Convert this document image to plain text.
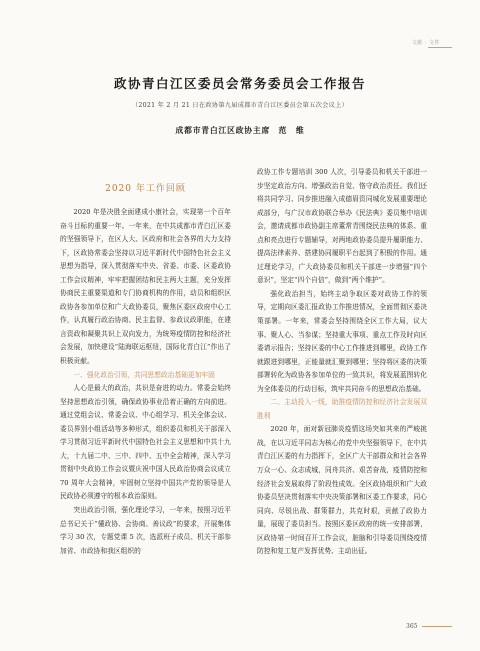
文献 · 文件
政协青白江区委员会常务委员会工作报告
（2021 年 2 月 21 日在政协第九届成都市青白江区委员会第五次会议上）
成都市青白江区政协主席　范　维
2020 年工作回顾

2020 年是决胜全面建成小康社会，实现第一个百年奋斗目标的重要一年。一年来，在中共成都市青白江区委的坚强领导下，在区人大、区政府和社会各界的大力支持下，区政协常委会坚持以习近平新时代中国特色社会主义思想为指导，深入贯彻落实中央、省委、市委、区委政协工作会议精神，牢牢把握团结和民主两大主题，充分发挥协商民主重要渠道和专门协商机构的作用，动员和组织区政协各参加单位和广大政协委员，聚焦区委区政府中心工作，认真履行政治协商、民主监督、参政议政职能，在建言资政和凝聚共识上双向发力，为统筹疫情防控和经济社会发展，加快建设“陆海联运枢纽，国际化青白江”作出了积极贡献。

一、强化政治引领，共同思想政治基础更加牢固

人心是最大的政治，共识是奋进的动力。常委会始终坚持思想政治引领，确保政协事业沿着正确的方向前进。通过党组会议、常委会议、中心组学习、机关全体会议、委员界别小组活动等多种形式，组织委员和机关干部深入学习贯彻习近平新时代中国特色社会主义思想和中共十九大，十九届二中、三中、四中、五中全会精神，深入学习贯彻中央政协工作会议暨庆祝中国人民政治协商会议成立 70 周年大会精神，牢固树立坚持中国共产党的领导是人民政协必须遵守的根本政治原则。

突出政治引领，强化理论学习，一年来，按照习近平总书记关于“懂政协、会协商、善议政”的要求，开展集体学习 30 次，专题党课 5 次，选派班子成员、机关干部参加省、市政协和我区组织的

政协工作专题培训 300 人次，引导委员和机关干部进一步坚定政治方向、增强政治自觉、恪守政治责任。我们还将共同学习、同步推进融入成德眉资同城化发展重要理论成部分，与广汉市政协联合举办《民法典》委员集中培训会，邀请成都市政协副主席董常青围绕民法典的体系、重点和亮点进行专题辅导，对两地政协委员提升履职能力、提高法律素养、搭建协同履职平台起到了积极的作用。通过理论学习，广大政协委员和机关干部进一步增强“四个意识”，坚定“四个自信”，做到“两个维护”。

强化政治担当，始终主动争取区委对政协工作的领导，定期向区委汇报政协工作推进情况，全面贯彻区委决策部署。一年来，常委会坚持围绕全区工作大局，议大事、聚人心、当参谋；坚持重大事项、重点工作及时向区委请示报告；坚持区委的中心工作推进到哪里，政协工作就跟进到哪里，正能量就汇聚到哪里；坚持将区委的决策部署转化为政协各参加单位的一致共识，将发展蓝图转化为全体委员的行动目标，筑牢共同奋斗的思想政治基础。

二、主动投入一线，助推疫情防控和经济社会发展双胜利

2020 年，面对新冠肺炎疫情这场突如其来的严峻挑战，在以习近平同志为核心的党中央坚强领导下，在中共青白江区委的有力指挥下，全区广大干部群众和社会各界万众一心、众志成城，同舟共济、艰苦奋战，疫情防控和经济社会发展取得了阶段性成效。全区政协组织和广大政协委员坚决贯彻落实中央决策部署和区委工作要求，同心同向、尽锐出战、群策群力，共克时艰，贡献了政协力量，展现了委员担当。按照区委区政府的统一安排部署，区政协第一时间召开工作会议，脏脑和引导委员围绕疫情防控和复工复产发挥优势、主动出征。

365
